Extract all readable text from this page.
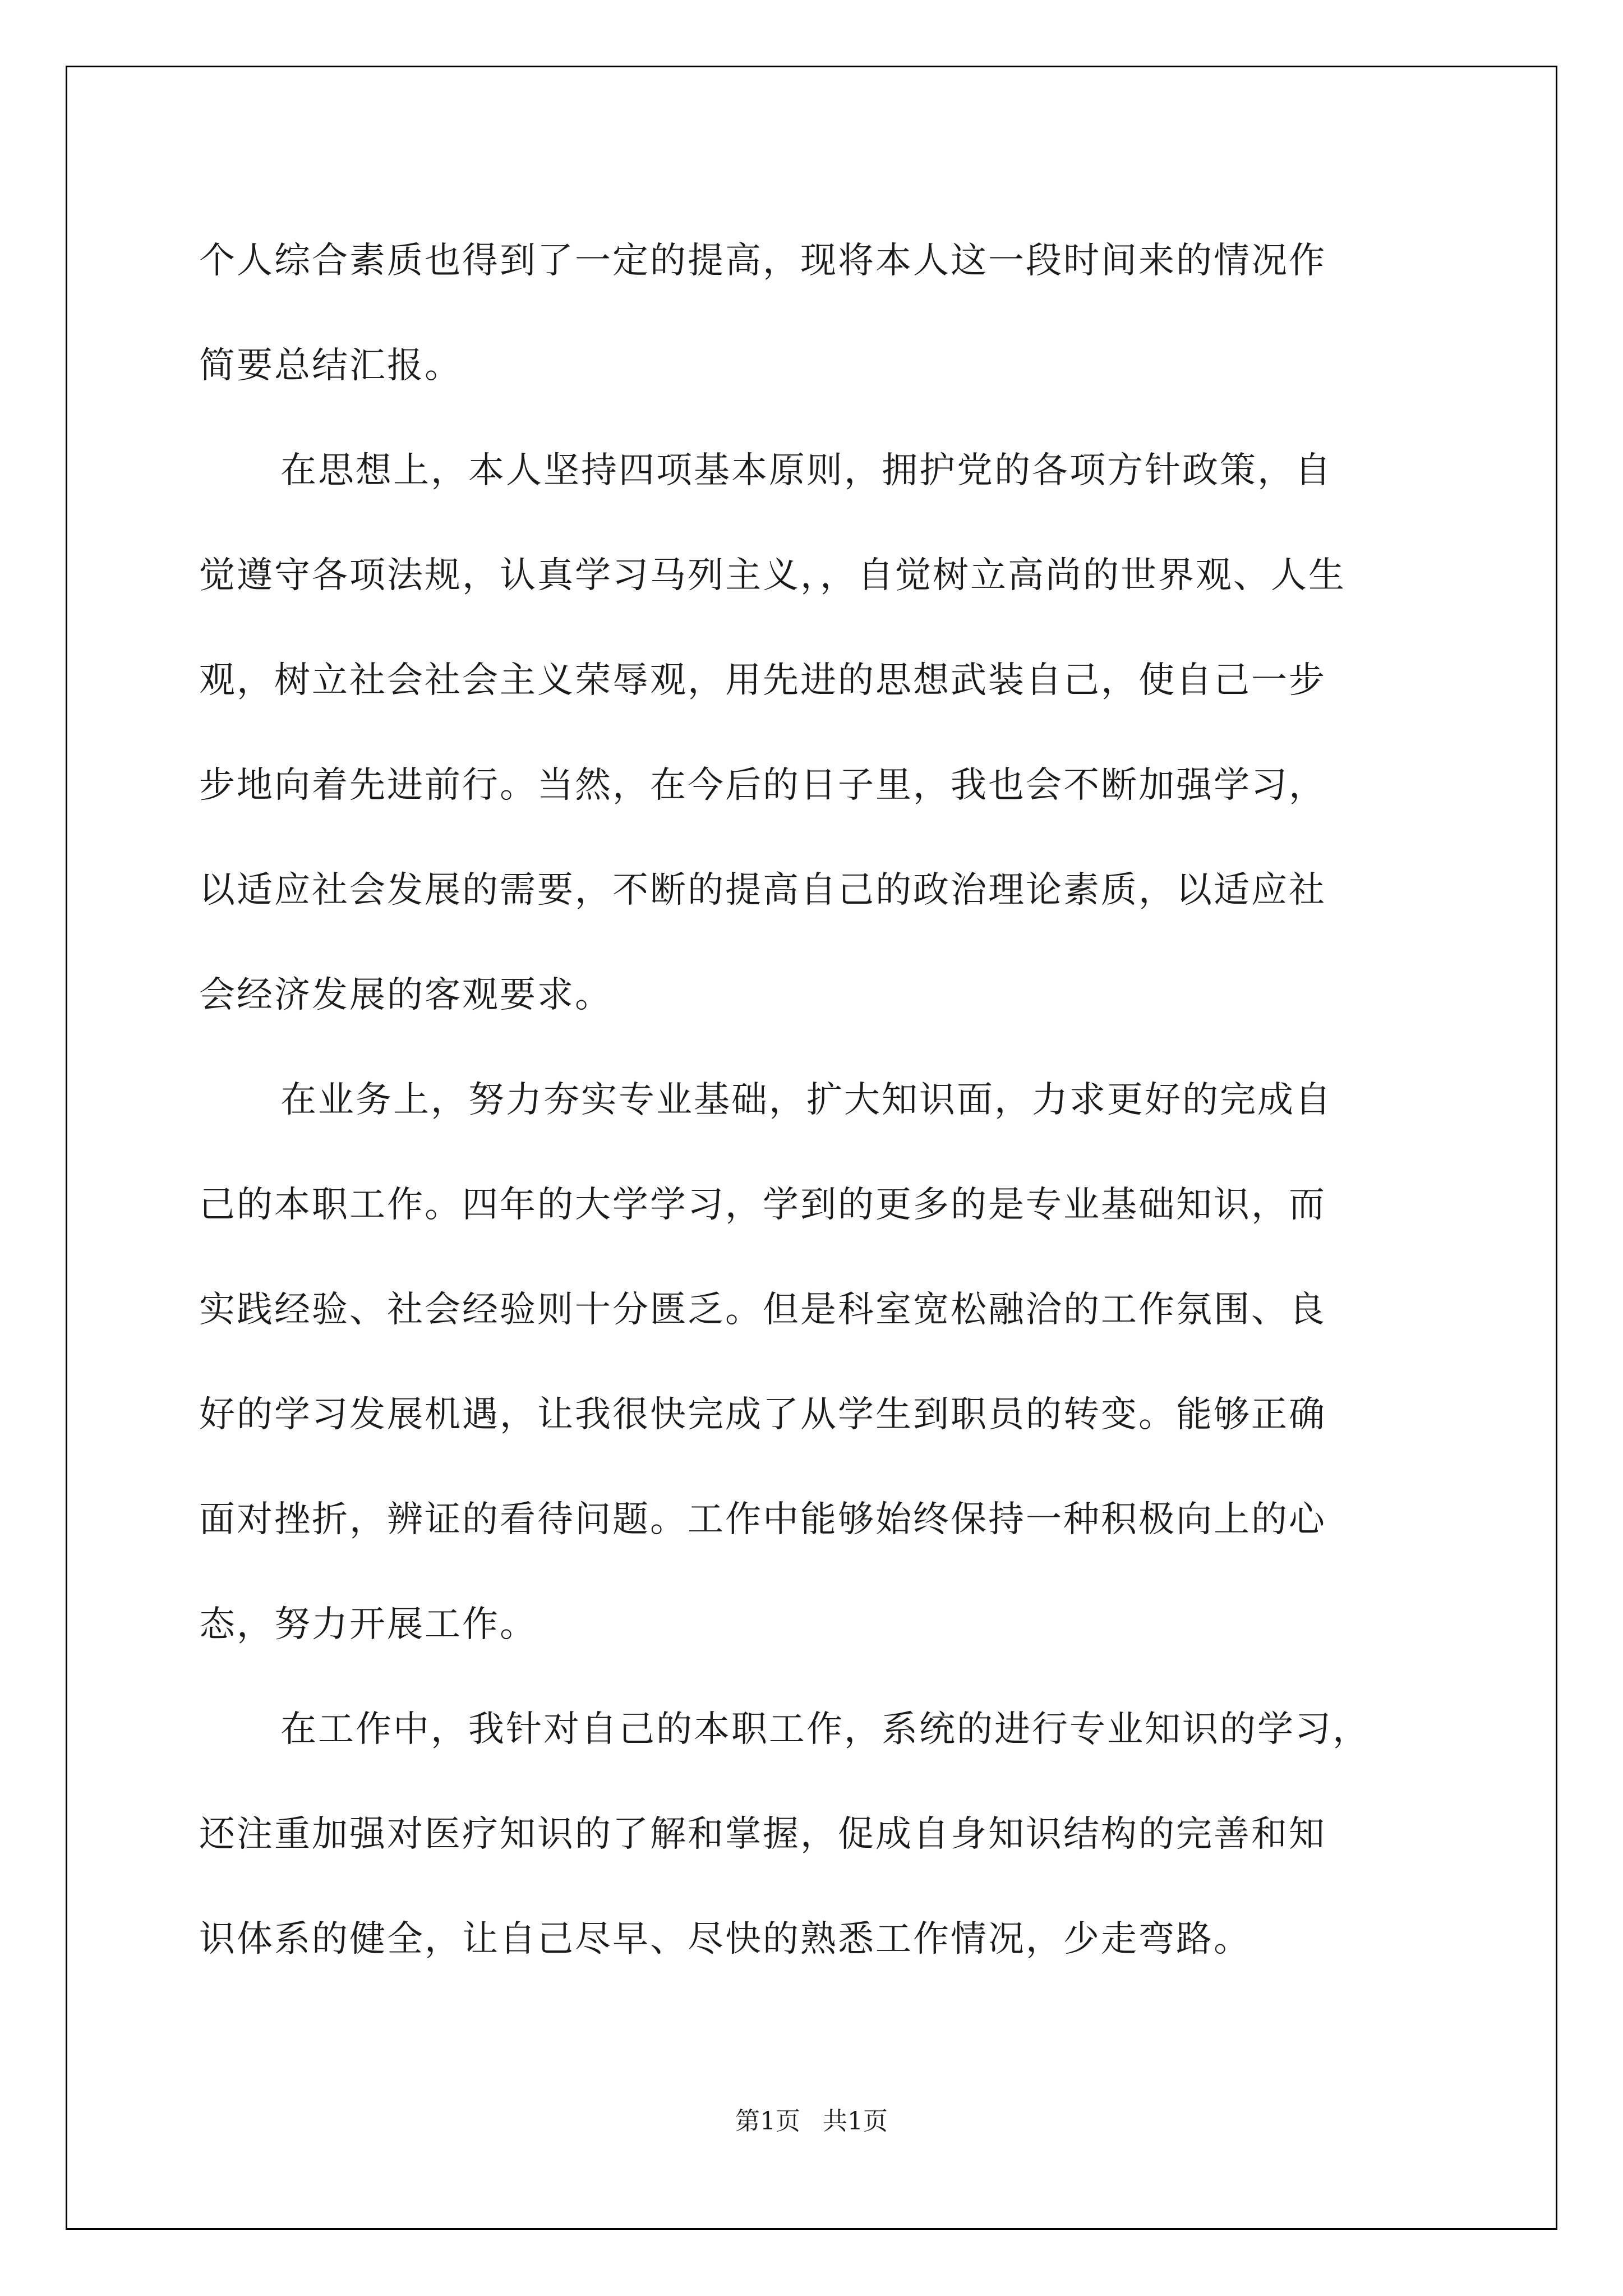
个人综合素质也得到了一定的提高，现将本人这一段时间来的情况作
简要总结汇报。
在思想上，本人坚持四项基本原则，拥护党的各项方针政策，自
觉遵守各项法规，认真学习马列主义，，自觉树立高尚的世界观、人生
观，树立社会社会主义荣辱观，用先进的思想武装自己，使自己一步
步地向着先进前行。当然，在今后的日子里，我也会不断加强学习，
以适应社会发展的需要，不断的提高自己的政治理论素质，以适应社
会经济发展的客观要求。
在业务上，努力夯实专业基础，扩大知识面，力求更好的完成自
己的本职工作。四年的大学学习，学到的更多的是专业基础知识，而
实践经验、社会经验则十分匮乏。但是科室宽松融洽的工作氛围、良
好的学习发展机遇，让我很快完成了从学生到职员的转变。能够正确
面对挫折，辨证的看待问题。工作中能够始终保持一种积极向上的心
态，努力开展工作。
在工作中，我针对自己的本职工作，系统的进行专业知识的学习，
还注重加强对医疗知识的了解和掌握，促成自身知识结构的完善和知
识体系的健全，让自己尽早、尽快的熟悉工作情况，少走弯路。
第1页 共1页
